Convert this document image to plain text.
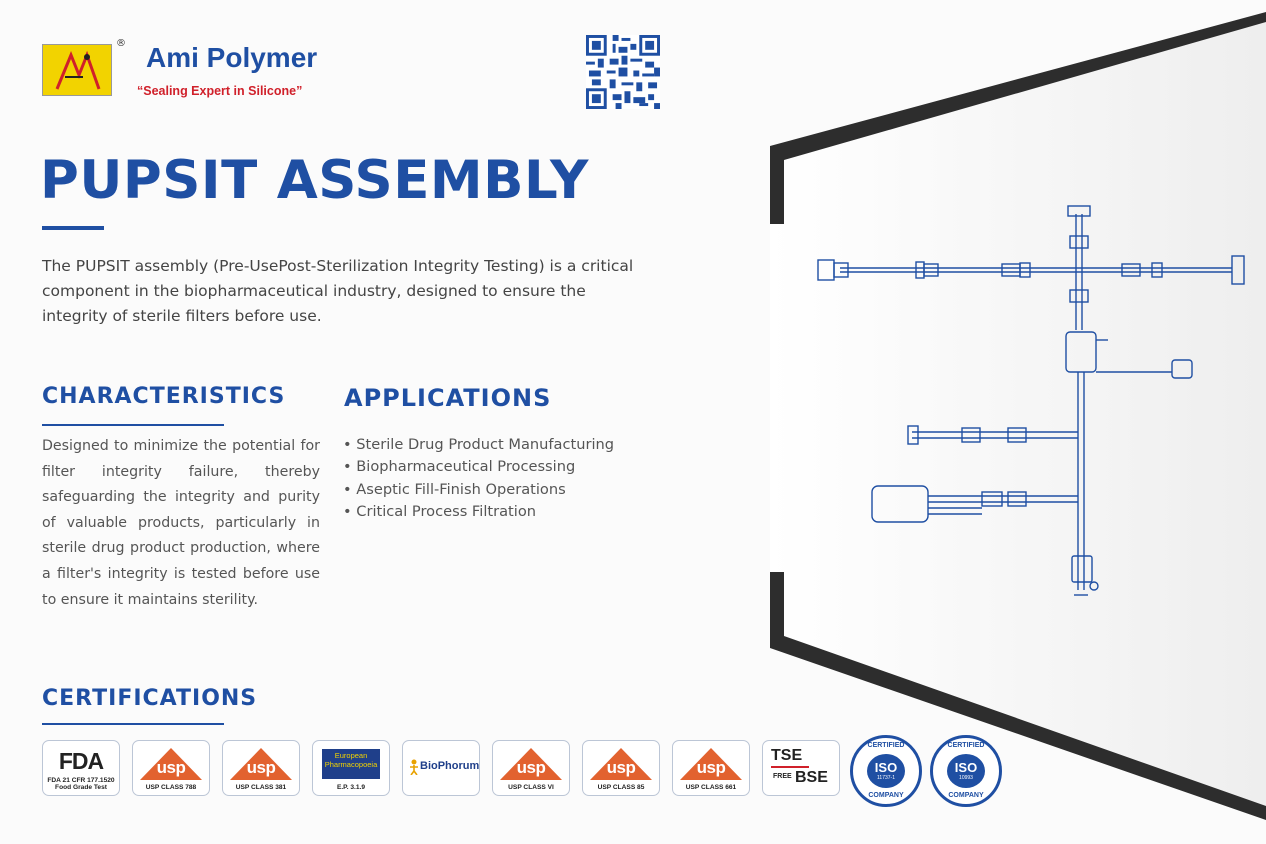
® Ami Polymer
“Sealing Expert in Silicone”
PUPSIT ASSEMBLY
The PUPSIT assembly (Pre-UsePost-Sterilization Integrity Testing) is a critical component in the biopharmaceutical industry, designed to ensure the integrity of sterile filters before use.
CHARACTERISTICS
Designed to minimize the potential for filter integrity failure, thereby safeguarding the integrity and purity of valuable products, particularly in sterile drug product production, where a filter's integrity is tested before use to ensure it maintains sterility.
APPLICATIONS
• Sterile Drug Product Manufacturing
• Biopharmaceutical Processing
• Aseptic Fill-Finish Operations
• Critical Process Filtration
CERTIFICATIONS
FDA
FDA 21 CFR 177.1520 Food Grade Test
usp
USP CLASS 788
usp
USP CLASS 381
European Pharmacopoeia
E.P. 3.1.9
BioPhorum	usp
USP CLASS VI
usp
USP CLASS 85
usp
USP CLASS 661
TSE
FREE BSE
CERTIFIED
ISO
11737-1
COMPANY
CERTIFIED
ISO
10993
COMPANY
